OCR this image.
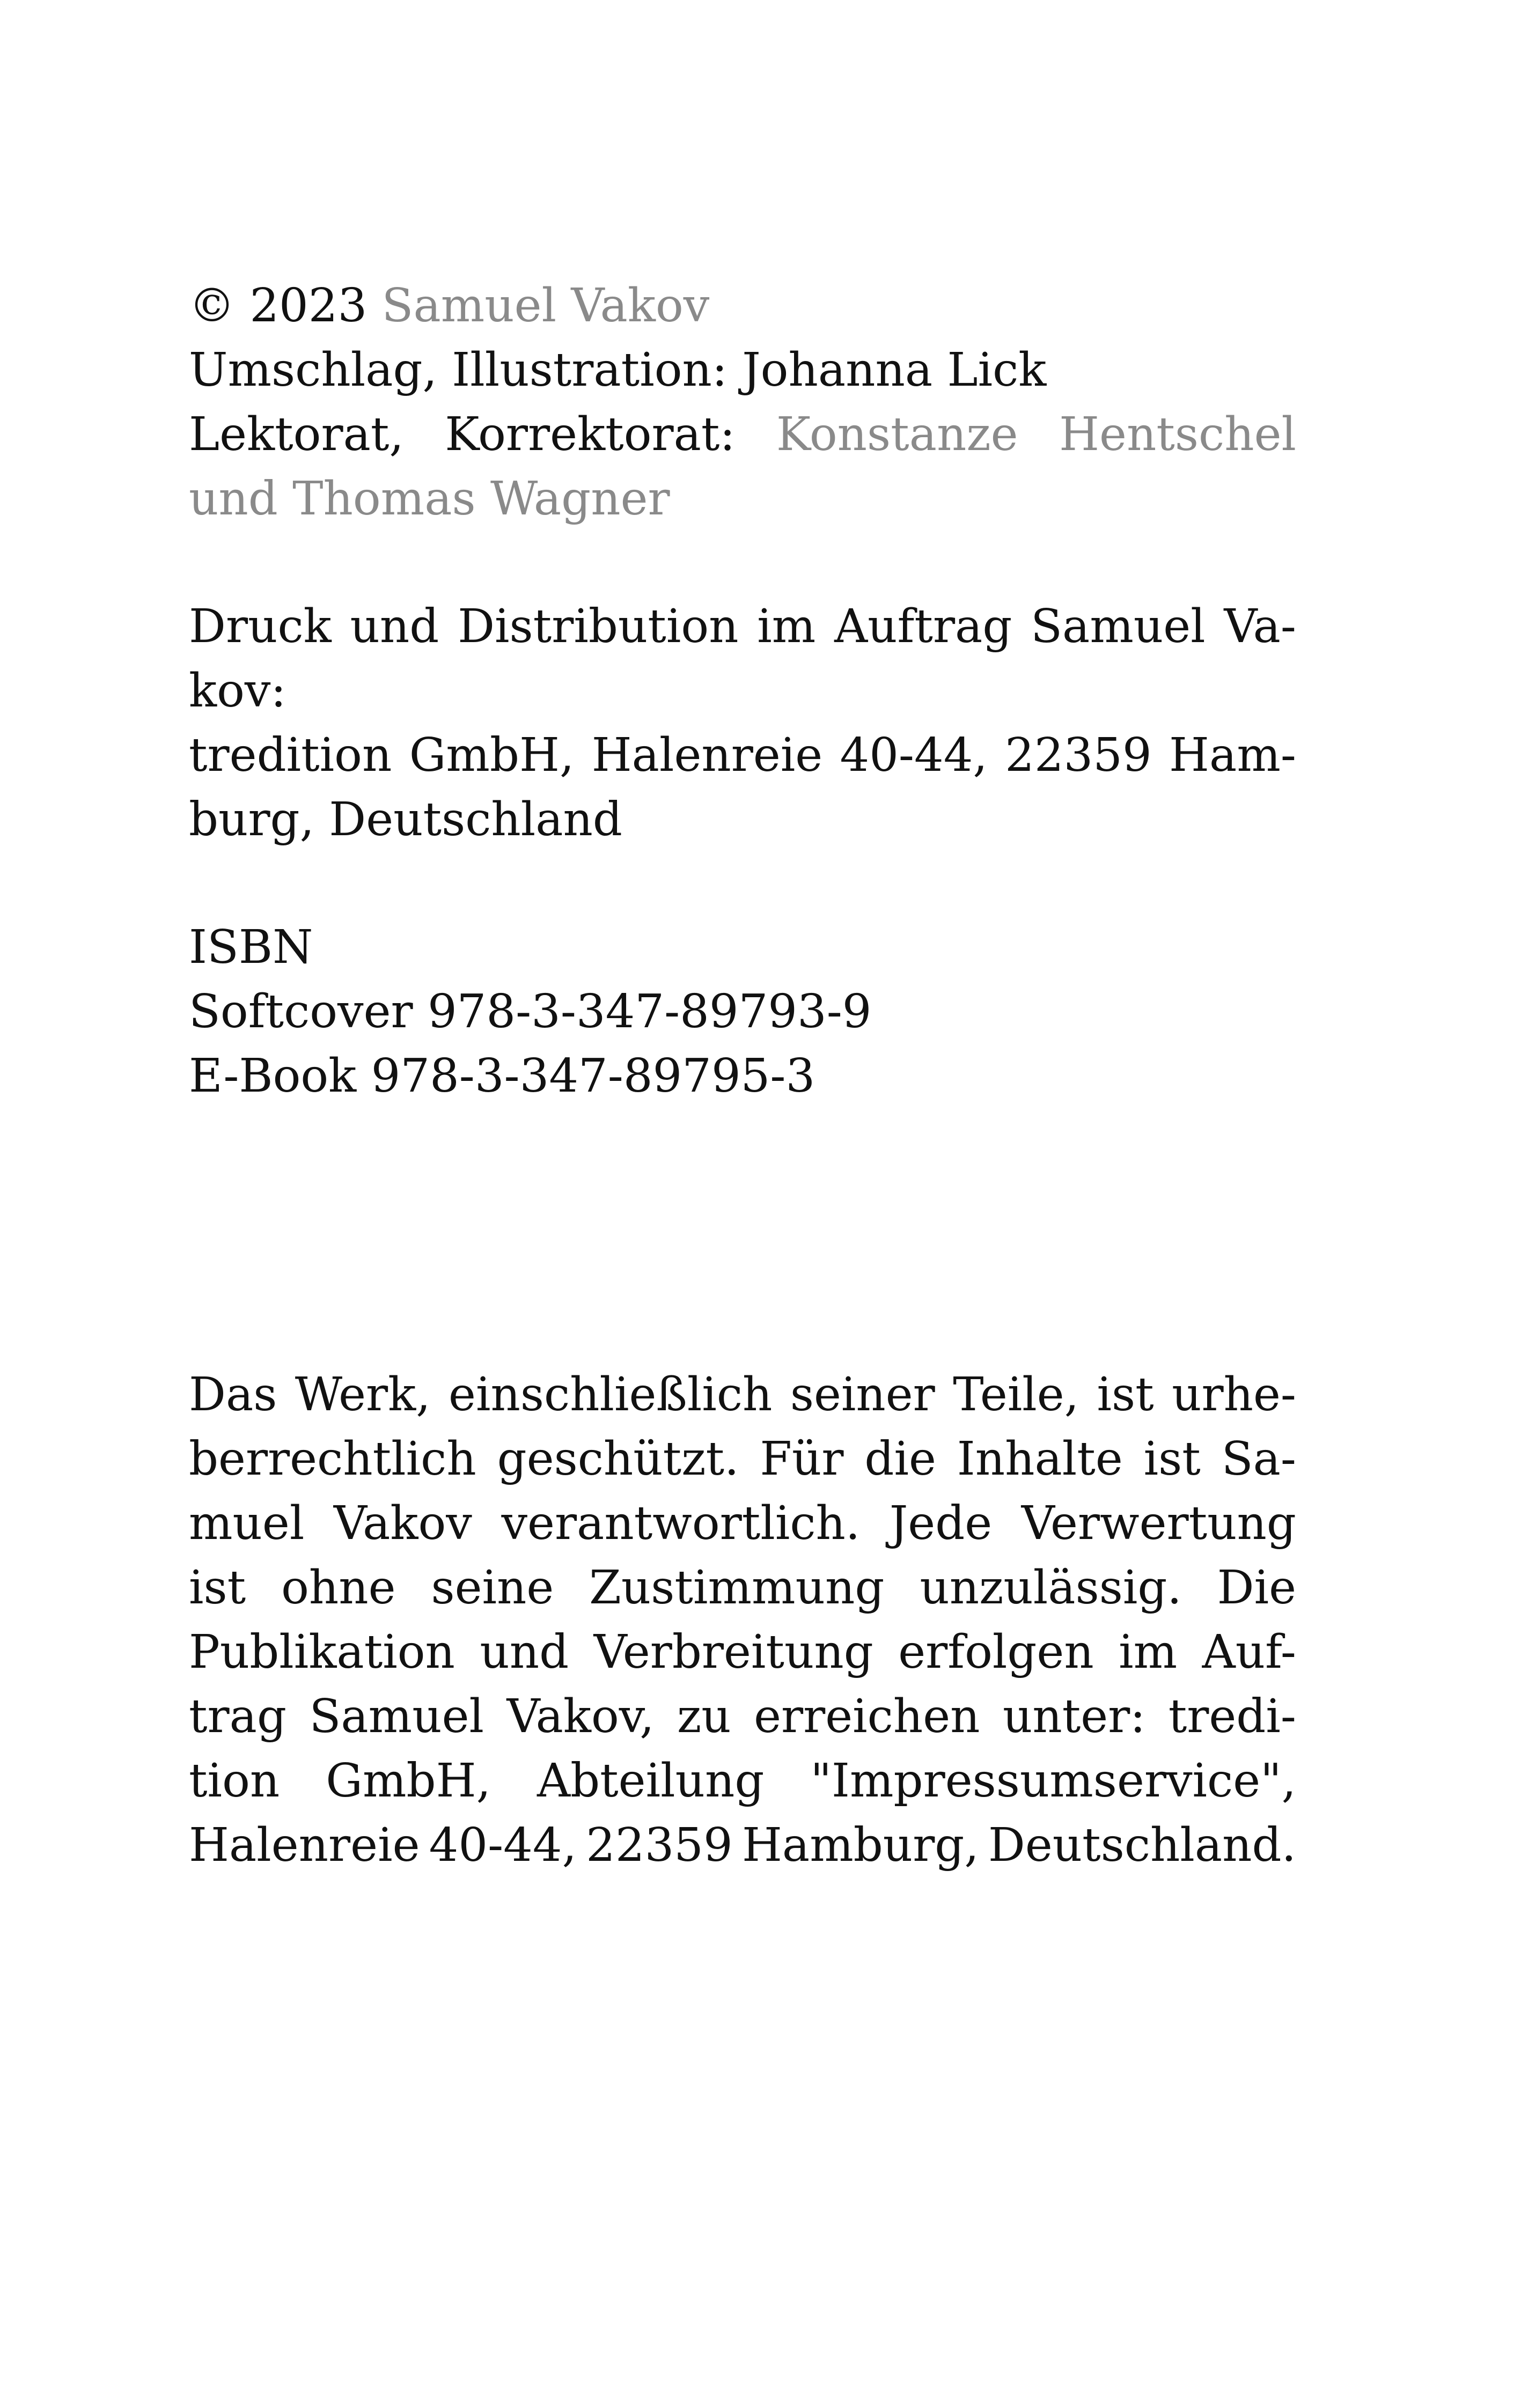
© 2023 Samuel Vakov

Umschlag, Illustration: Johanna Lick

Lektorat, Korrektorat: Konstanze Hentschel

und Thomas Wagner

Druck und Distribution im Auftrag Samuel Va-

kov:

tredition GmbH, Halenreie 40-44, 22359 Ham-

burg, Deutschland

ISBN

Softcover 978-3-347-89793-9

E-Book 978-3-347-89795-3

Das Werk, einschließlich seiner Teile, ist urhe-

berrechtlich geschützt. Für die Inhalte ist Sa-

muel Vakov verantwortlich. Jede Verwertung

ist ohne seine Zustimmung unzulässig. Die

Publikation und Verbreitung erfolgen im Auf-

trag Samuel Vakov, zu erreichen unter: tredi-

tion GmbH, Abteilung "Impressumservice",

Halenreie 40-44, 22359 Hamburg, Deutschland.
